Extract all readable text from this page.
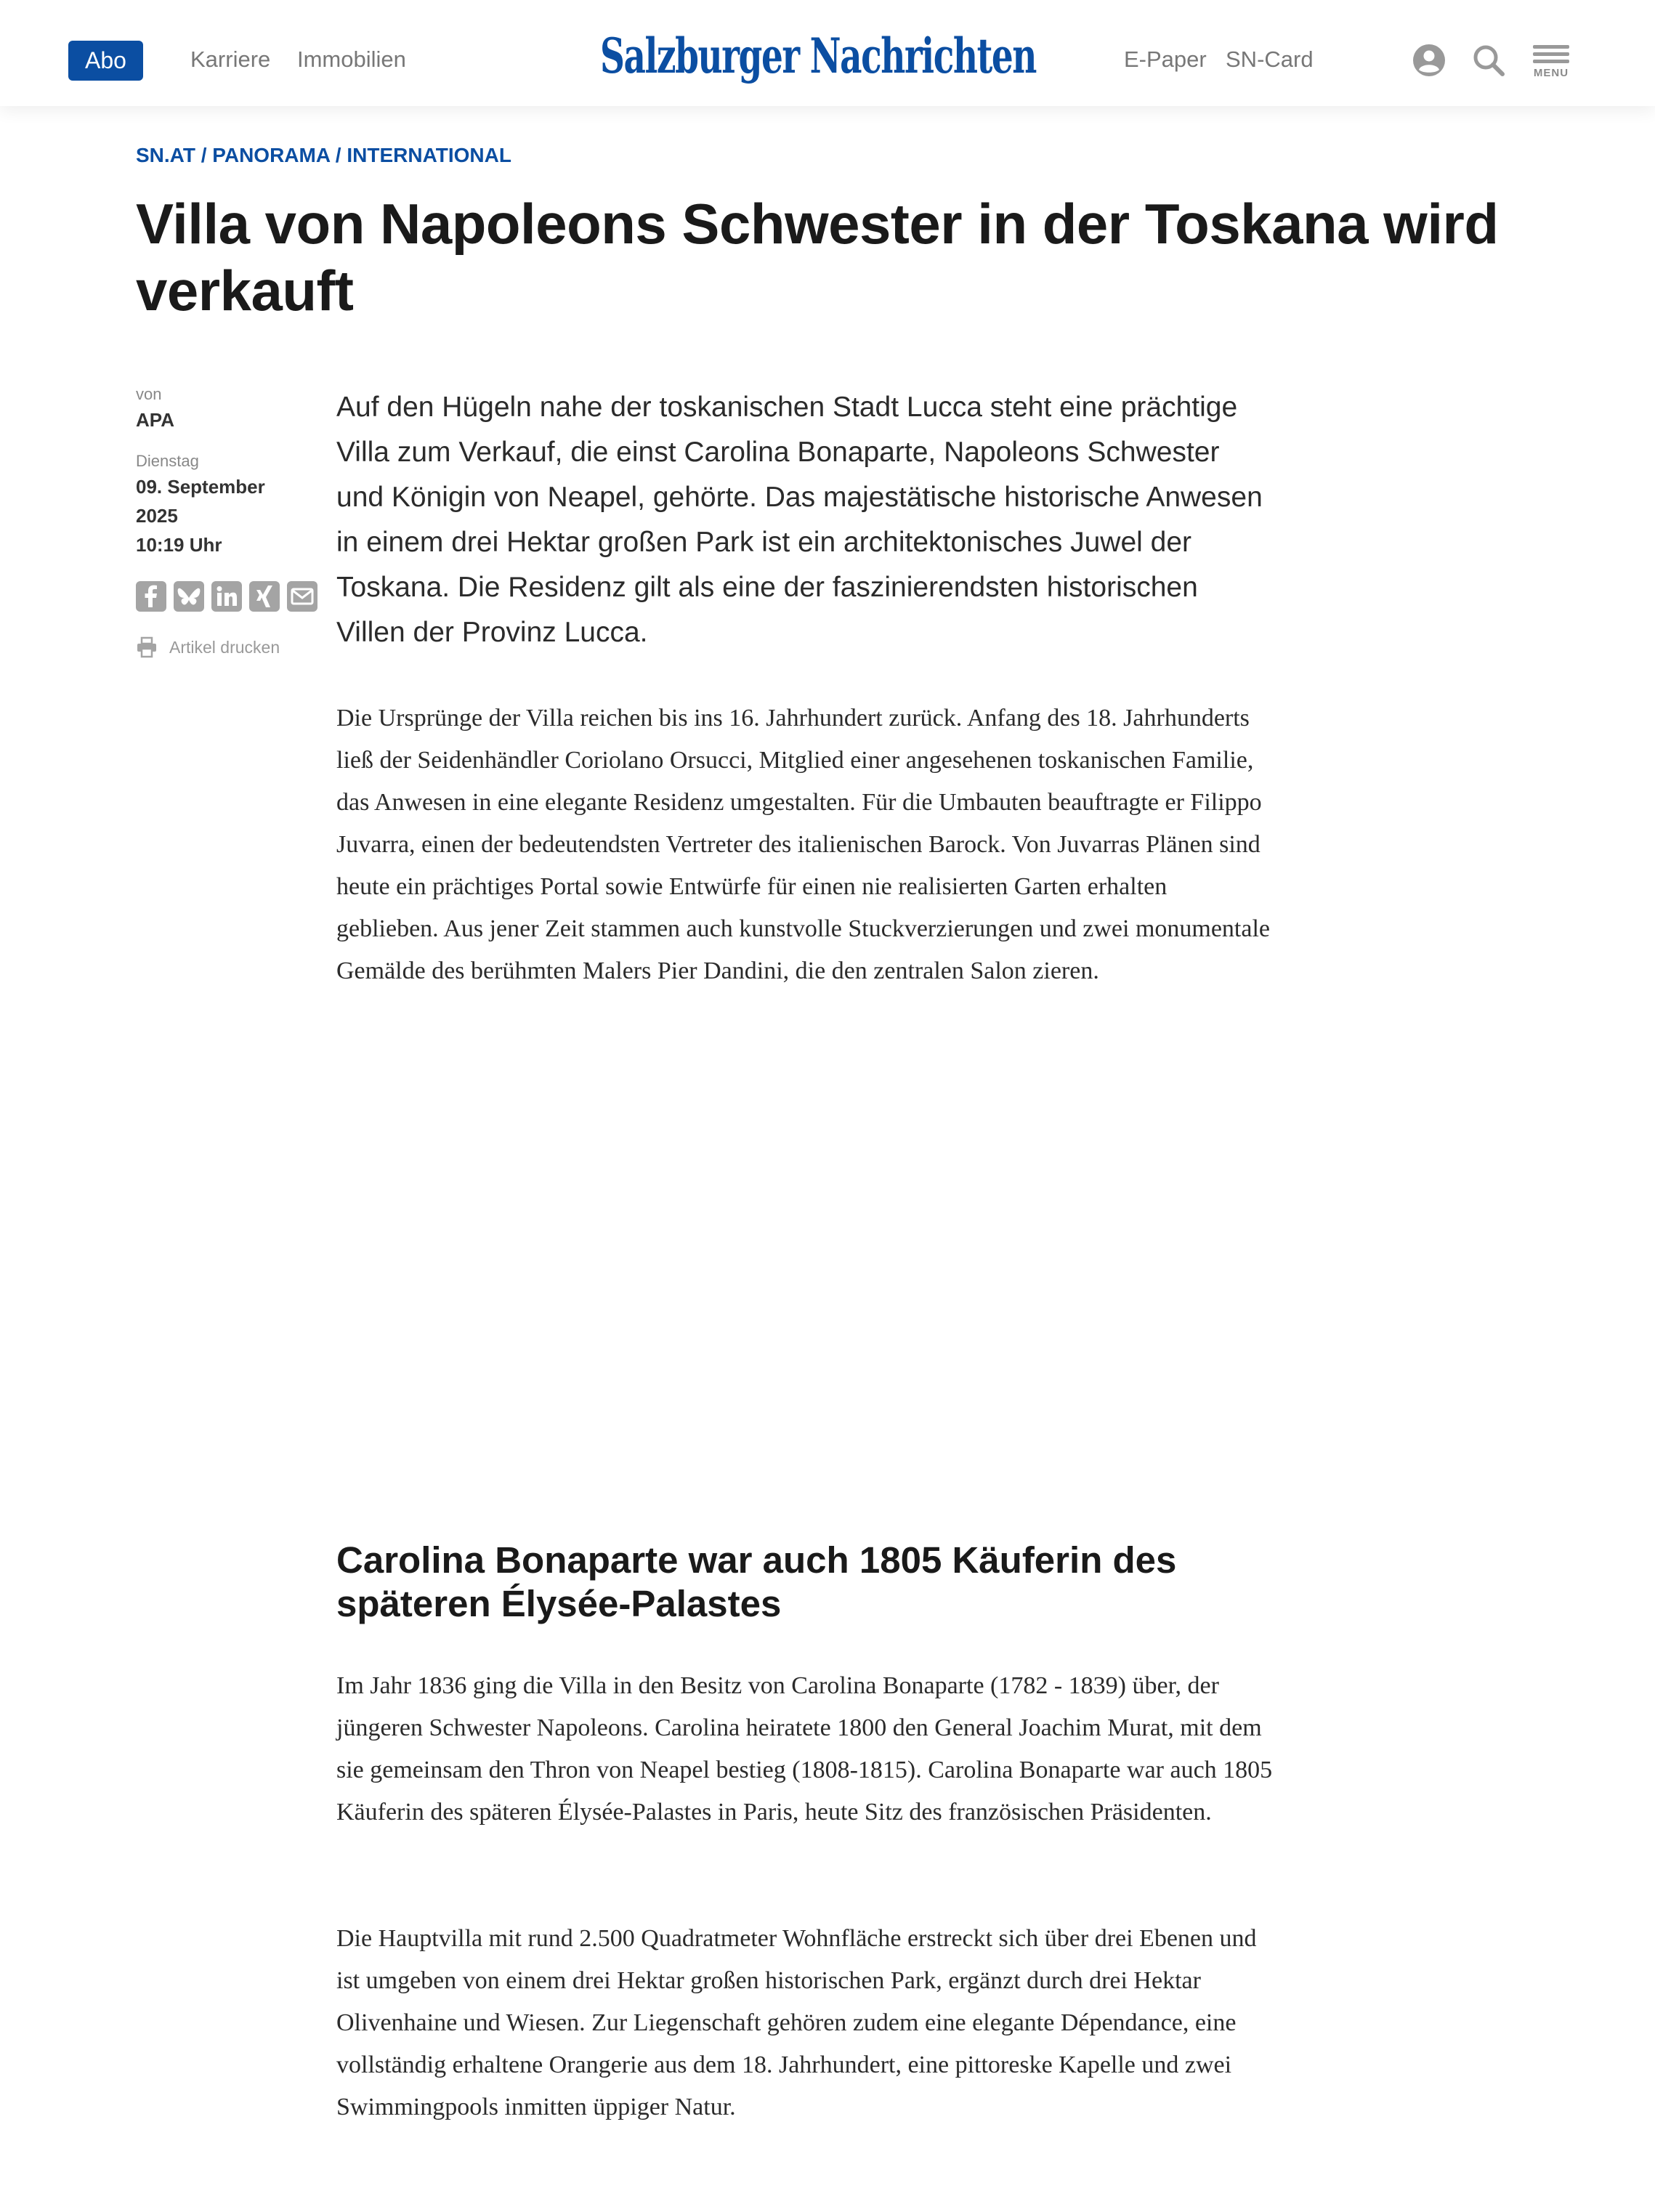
Abo	Karriere Immobilien	Salzburger Nachrichten	E-Paper SN-Card
MENU
SN.AT / PANORAMA / INTERNATIONAL
Villa von Napoleons Schwester in der Toskana wird verkauft
von
APA
Dienstag
09. September
2025
10:19 Uhr
Artikel drucken

Auf den Hügeln nahe der toskanischen Stadt Lucca steht eine prächtige Villa zum Verkauf, die einst Carolina Bonaparte, Napoleons Schwester und Königin von Neapel, gehörte. Das majestätische historische Anwesen in einem drei Hektar großen Park ist ein architektonisches Juwel der Toskana. Die Residenz gilt als eine der faszinierendsten historischen Villen der Provinz Lucca.

Die Ursprünge der Villa reichen bis ins 16. Jahrhundert zurück. Anfang des 18. Jahrhunderts ließ der Seidenhändler Coriolano Orsucci, Mitglied einer angesehenen toskanischen Familie, das Anwesen in eine elegante Residenz umgestalten. Für die Umbauten beauftragte er Filippo Juvarra, einen der bedeutendsten Vertreter des italienischen Barock. Von Juvarras Plänen sind heute ein prächtiges Portal sowie Entwürfe für einen nie realisierten Garten erhalten geblieben. Aus jener Zeit stammen auch kunstvolle Stuckverzierungen und zwei monumentale Gemälde des berühmten Malers Pier Dandini, die den zentralen Salon zieren.

Carolina Bonaparte war auch 1805 Käuferin des späteren Élysée-Palastes

Im Jahr 1836 ging die Villa in den Besitz von Carolina Bonaparte (1782 - 1839) über, der jüngeren Schwester Napoleons. Carolina heiratete 1800 den General Joachim Murat, mit dem sie gemeinsam den Thron von Neapel bestieg (1808-1815). Carolina Bonaparte war auch 1805 Käuferin des späteren Élysée-Palastes in Paris, heute Sitz des französischen Präsidenten.

Die Hauptvilla mit rund 2.500 Quadratmeter Wohnfläche erstreckt sich über drei Ebenen und ist umgeben von einem drei Hektar großen historischen Park, ergänzt durch drei Hektar Olivenhaine und Wiesen. Zur Liegenschaft gehören zudem eine elegante Dépendance, eine vollständig erhaltene Orangerie aus dem 18. Jahrhundert, eine pittoreske Kapelle und zwei Swimmingpools inmitten üppiger Natur.
